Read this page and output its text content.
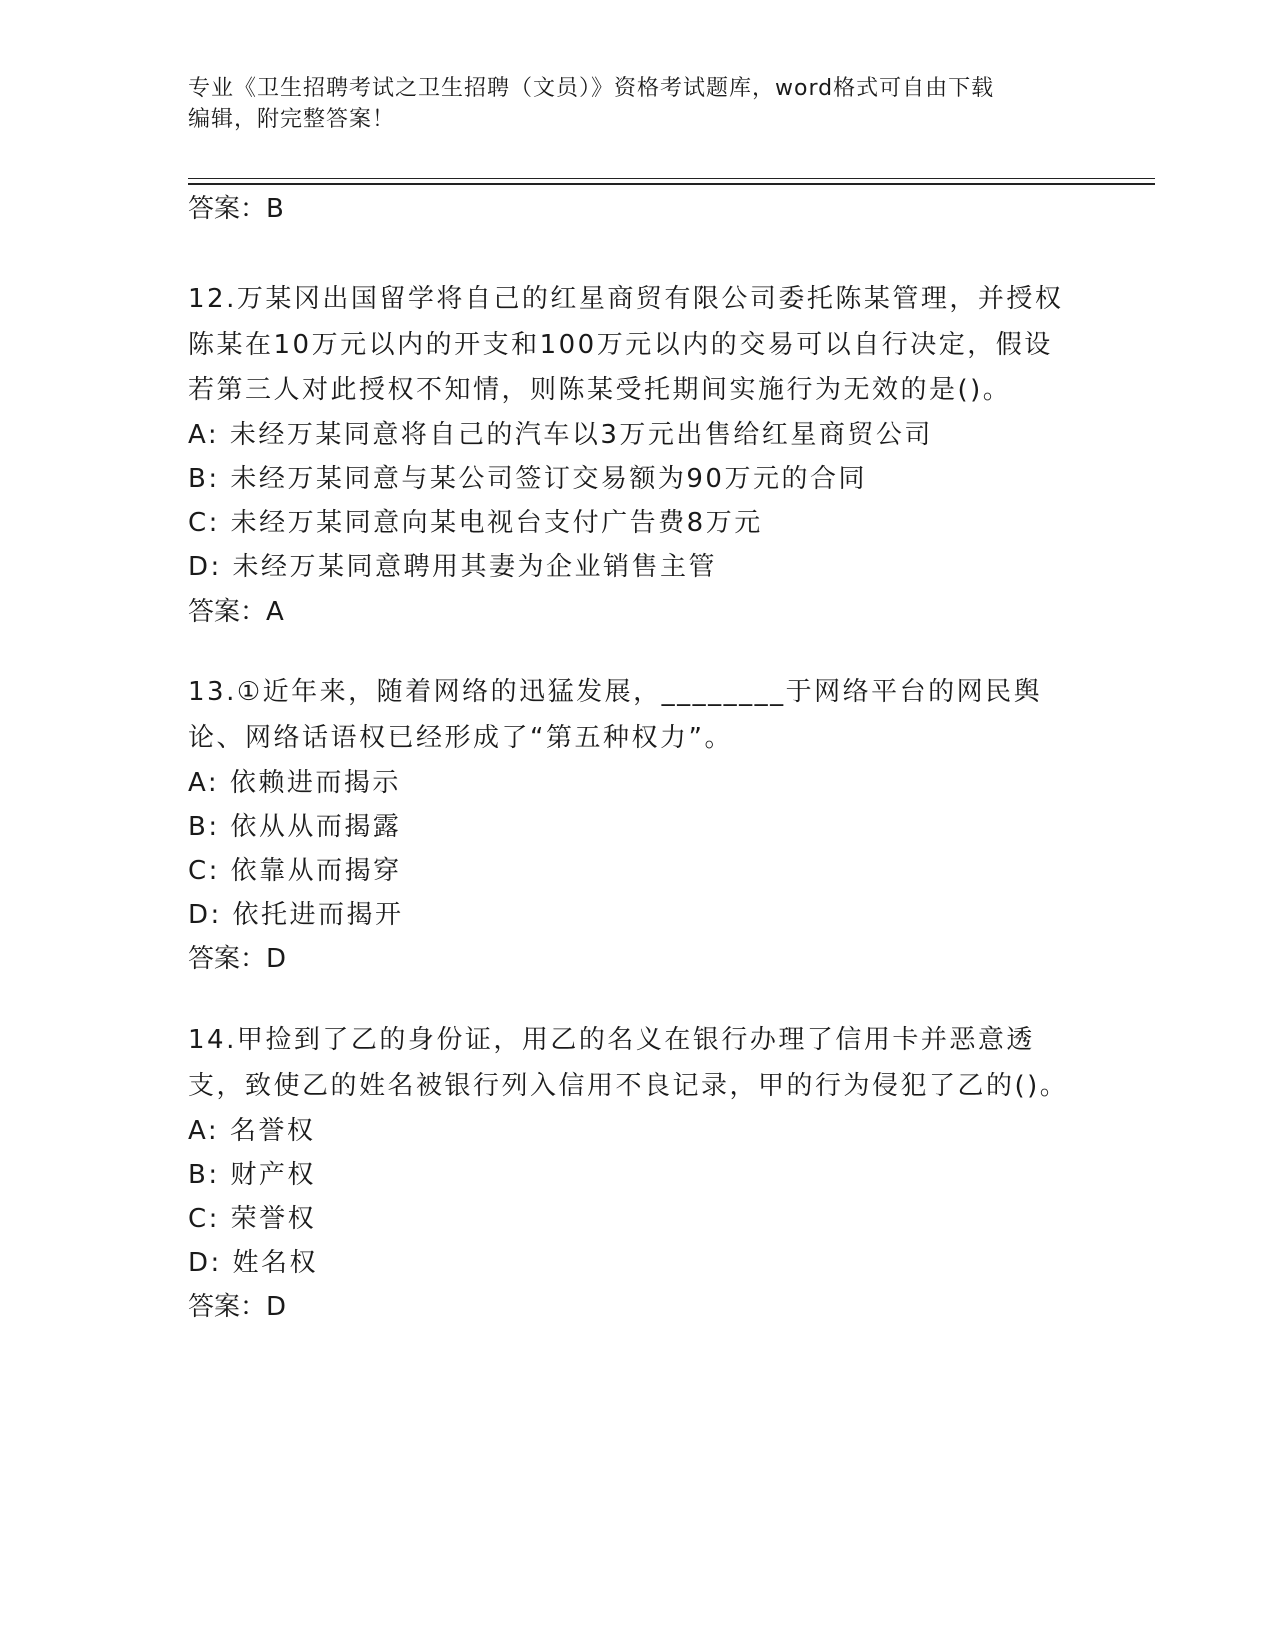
专业《卫生招聘考试之卫生招聘（文员）》资格考试题库，word格式可自由下载
编辑，附完整答案！
答案：B
12.万某冈出国留学将自己的红星商贸有限公司委托陈某管理，并授权陈某在10万元以内的开支和100万元以内的交易可以自行决定，假设若第三人对此授权不知情，则陈某受托期间实施行为无效的是()。
A: 未经万某同意将自己的汽车以3万元出售给红星商贸公司
B: 未经万某同意与某公司签订交易额为90万元的合同
C: 未经万某同意向某电视台支付广告费8万元
D: 未经万某同意聘用其妻为企业销售主管
答案：A
13.①近年来，随着网络的迅猛发展，________于网络平台的网民舆论、网络话语权已经形成了“第五种权力”。
A: 依赖进而揭示
B: 依从从而揭露
C: 依靠从而揭穿
D: 依托进而揭开
答案：D
14.甲捡到了乙的身份证，用乙的名义在银行办理了信用卡并恶意透支，致使乙的姓名被银行列入信用不良记录，甲的行为侵犯了乙的()。
A: 名誉权
B: 财产权
C: 荣誉权
D: 姓名权
答案：D
